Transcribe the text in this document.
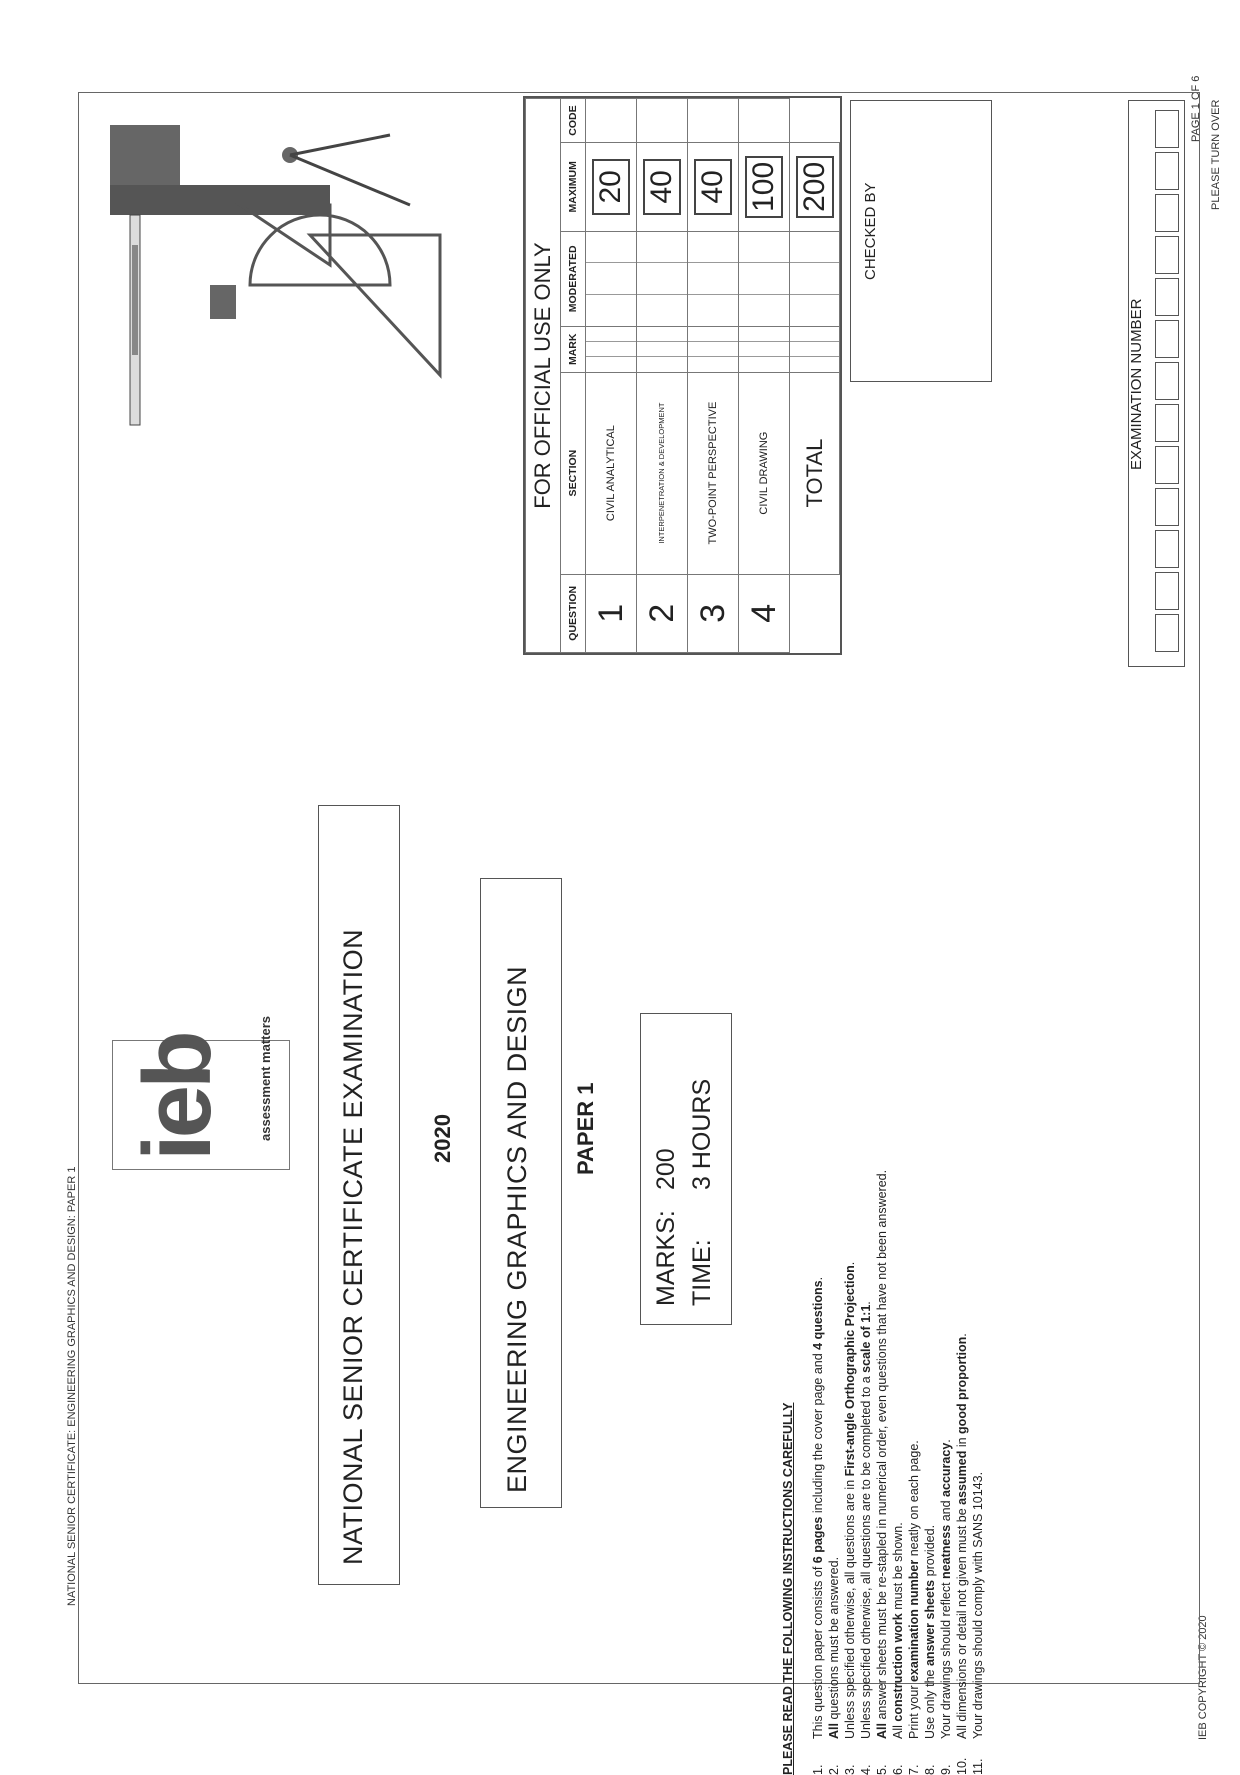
NATIONAL SENIOR CERTIFICATE: ENGINEERING GRAPHICS AND DESIGN: PAPER 1
PAGE 1 OF 6
IEB COPYRIGHT © 2020
PLEASE TURN OVER
ieb assessment matters NATIONAL SENIOR CERTIFICATE EXAMINATION	2020 ENGINEERING GRAPHICS AND DESIGN PAPER 1
MARKS:
200
TIME:
3 HOURS
PLEASE READ THE FOLLOWING INSTRUCTIONS CAREFULLY 1.
This question paper consists of 6 pages including the cover page and 4 questions.
2.
All questions must be answered.
3.
Unless specified otherwise, all questions are in First-angle Orthographic Projection.
4.
Unless specified otherwise, all questions are to be completed to a scale of 1:1.
5.
All answer sheets must be re-stapled in numerical order, even questions that have not been answered.
6.
All construction work must be shown.
7.
Print your examination number neatly on each page.
8.
Use only the answer sheets provided.
9.
Your drawings should reflect neatness and accuracy.
10.
All dimensions or detail not given must be assumed in good proportion.
11.
Your drawings should comply with SANS 10143.
FOR OFFICIAL USE ONLY					
QUESTION	SECTION	MARK	MODERATED	MAXIMUM	CODE
1	CIVIL ANALYTICAL			20	
2	INTERPENETRATION & DEVELOPMENT			40	
3	TWO-POINT PERSPECTIVE			40	
4	CIVIL DRAWING			100	
	TOTAL			200	CHECKED BY
EXAMINATION NUMBER
